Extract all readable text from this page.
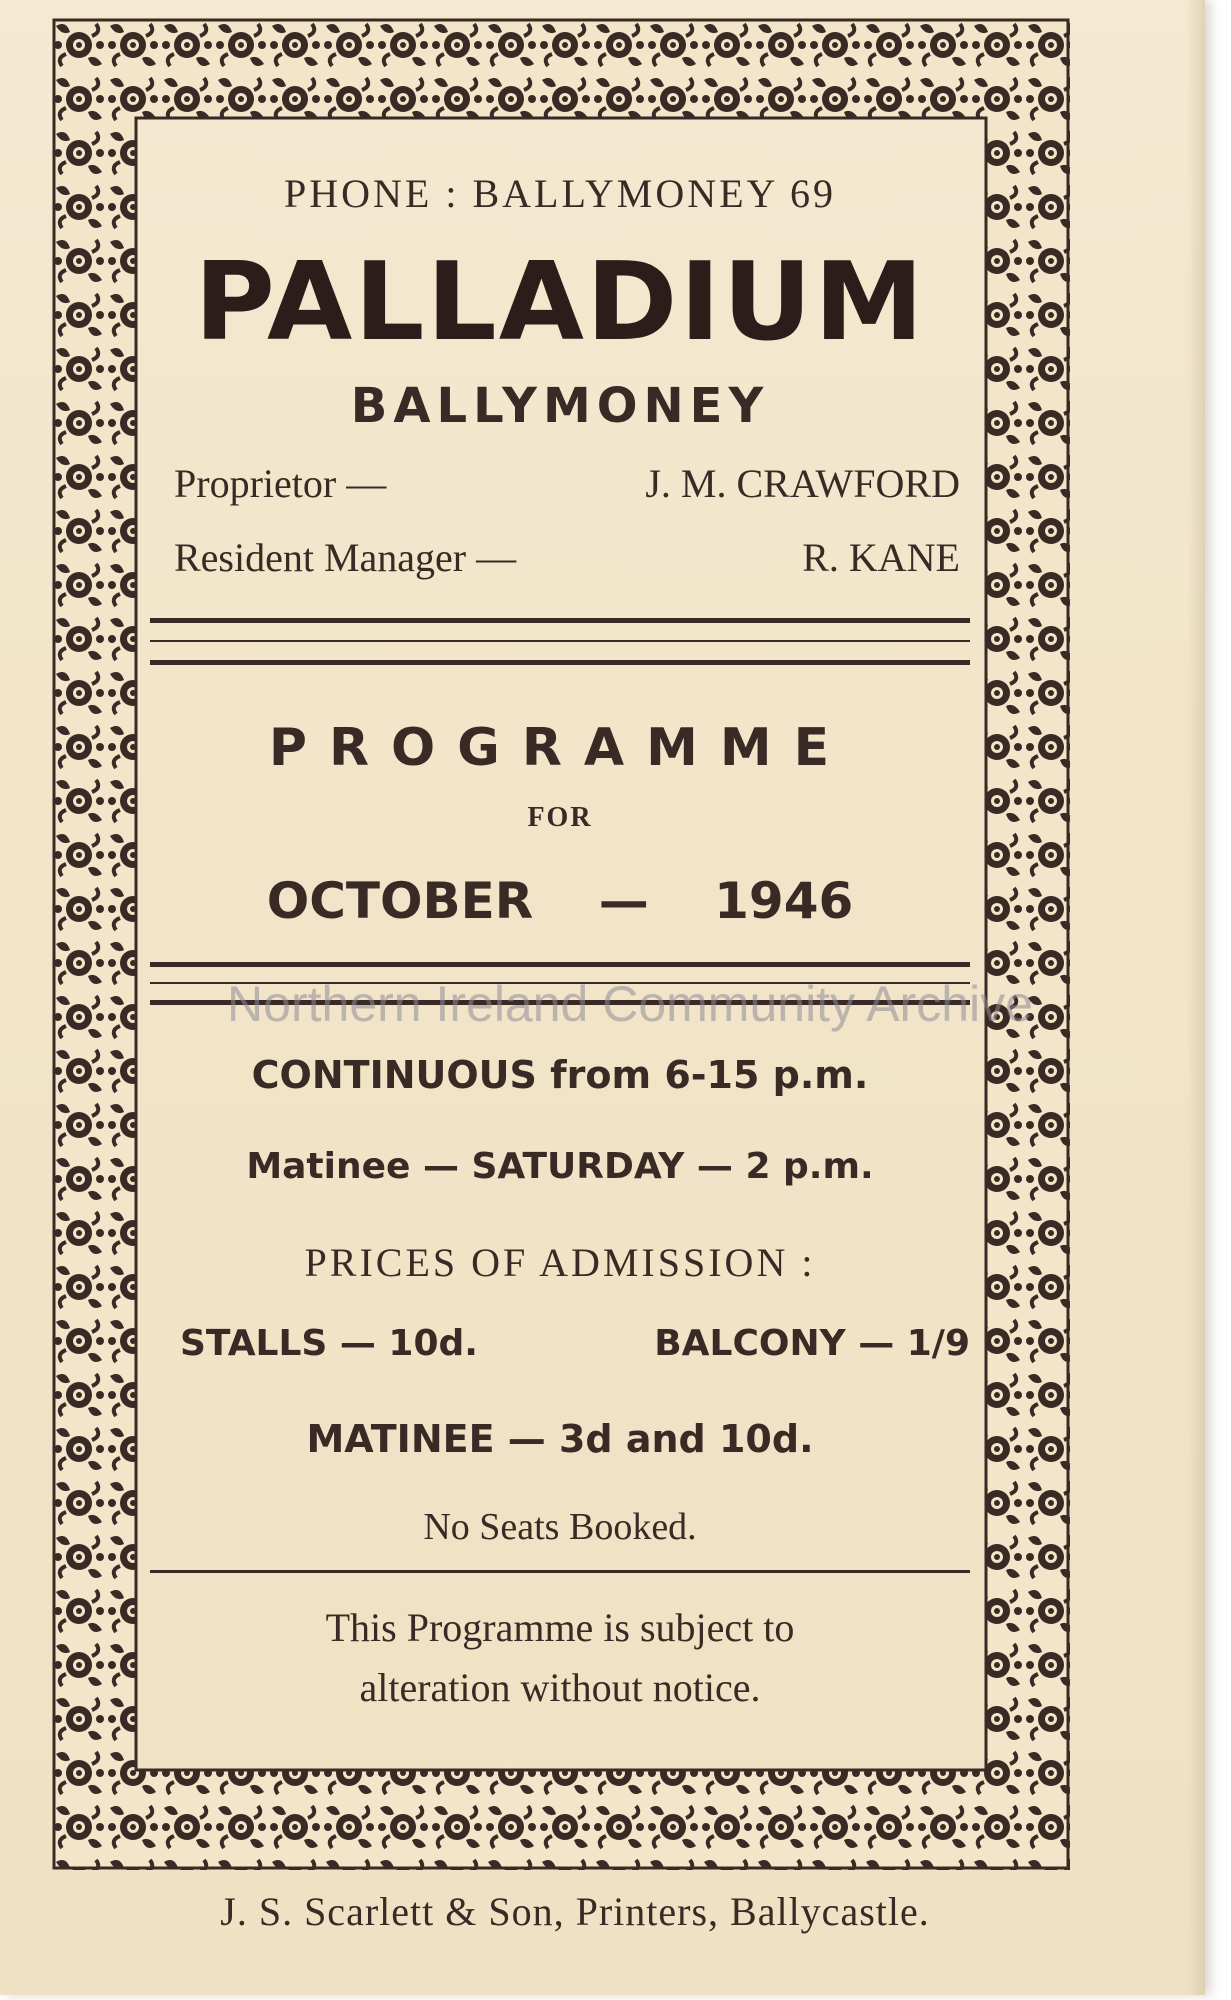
PHONE : BALLYMONEY 69
PALLADIUM
BALLYMONEY
Proprietor —	J. M. CRAWFORD
Resident Manager —	R. KANE
PROGRAMME
FOR
OCTOBER — 1946
CONTINUOUS from 6-15 p.m.
Matinee — SATURDAY — 2 p.m.
PRICES OF ADMISSION :
STALLS — 10d.	BALCONY — 1/9
MATINEE — 3d and 10d.
No Seats Booked.
This Programme is subject to
alteration without notice.
Northern Ireland Community Archive
J. S. Scarlett & Son, Printers, Ballycastle.
